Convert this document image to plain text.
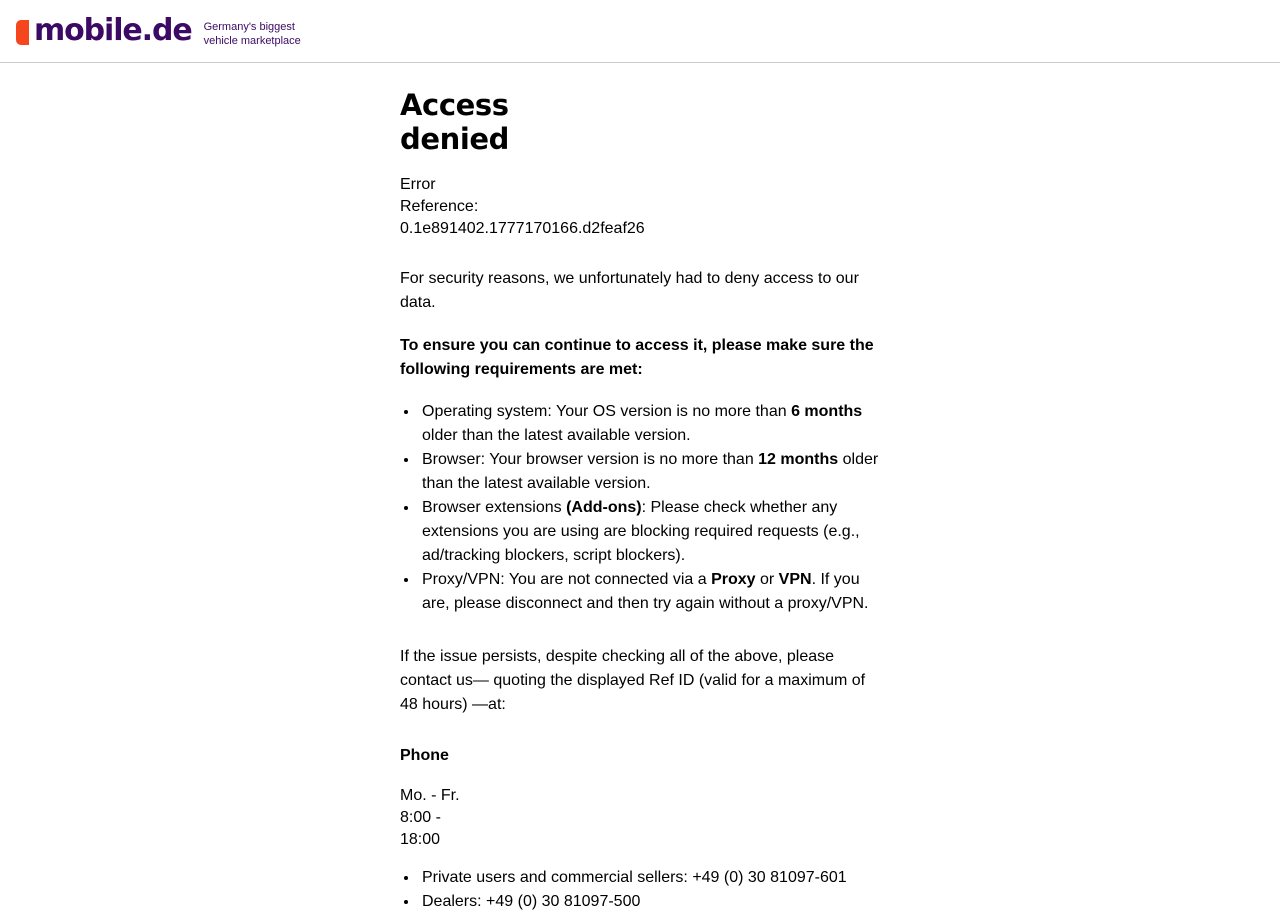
mobile.de Germany's biggest
vehicle marketplace
Access denied

Error Reference: 0.1e891402.1777170166.d2feaf26

For security reasons, we unfortunately had to deny access to our data.

To ensure you can continue to access it, please make sure the following requirements are met:

Operating system: Your OS version is no more than 6 months older than the latest available version.
Browser: Your browser version is no more than 12 months older than the latest available version.
Browser extensions (Add-ons): Please check whether any extensions you are using are blocking required requests (e.g., ad/tracking blockers, script blockers).
Proxy/VPN: You are not connected via a Proxy or VPN. If you are, please disconnect and then try again without a proxy/VPN.

If the issue persists, despite checking all of the above, please contact us— quoting the displayed Ref ID (valid for a maximum of 48 hours) —at:

Phone

Mo. - Fr. 8:00 - 18:00

Private users and commercial sellers: +49 (0) 30 81097-601
Dealers: +49 (0) 30 81097-500
